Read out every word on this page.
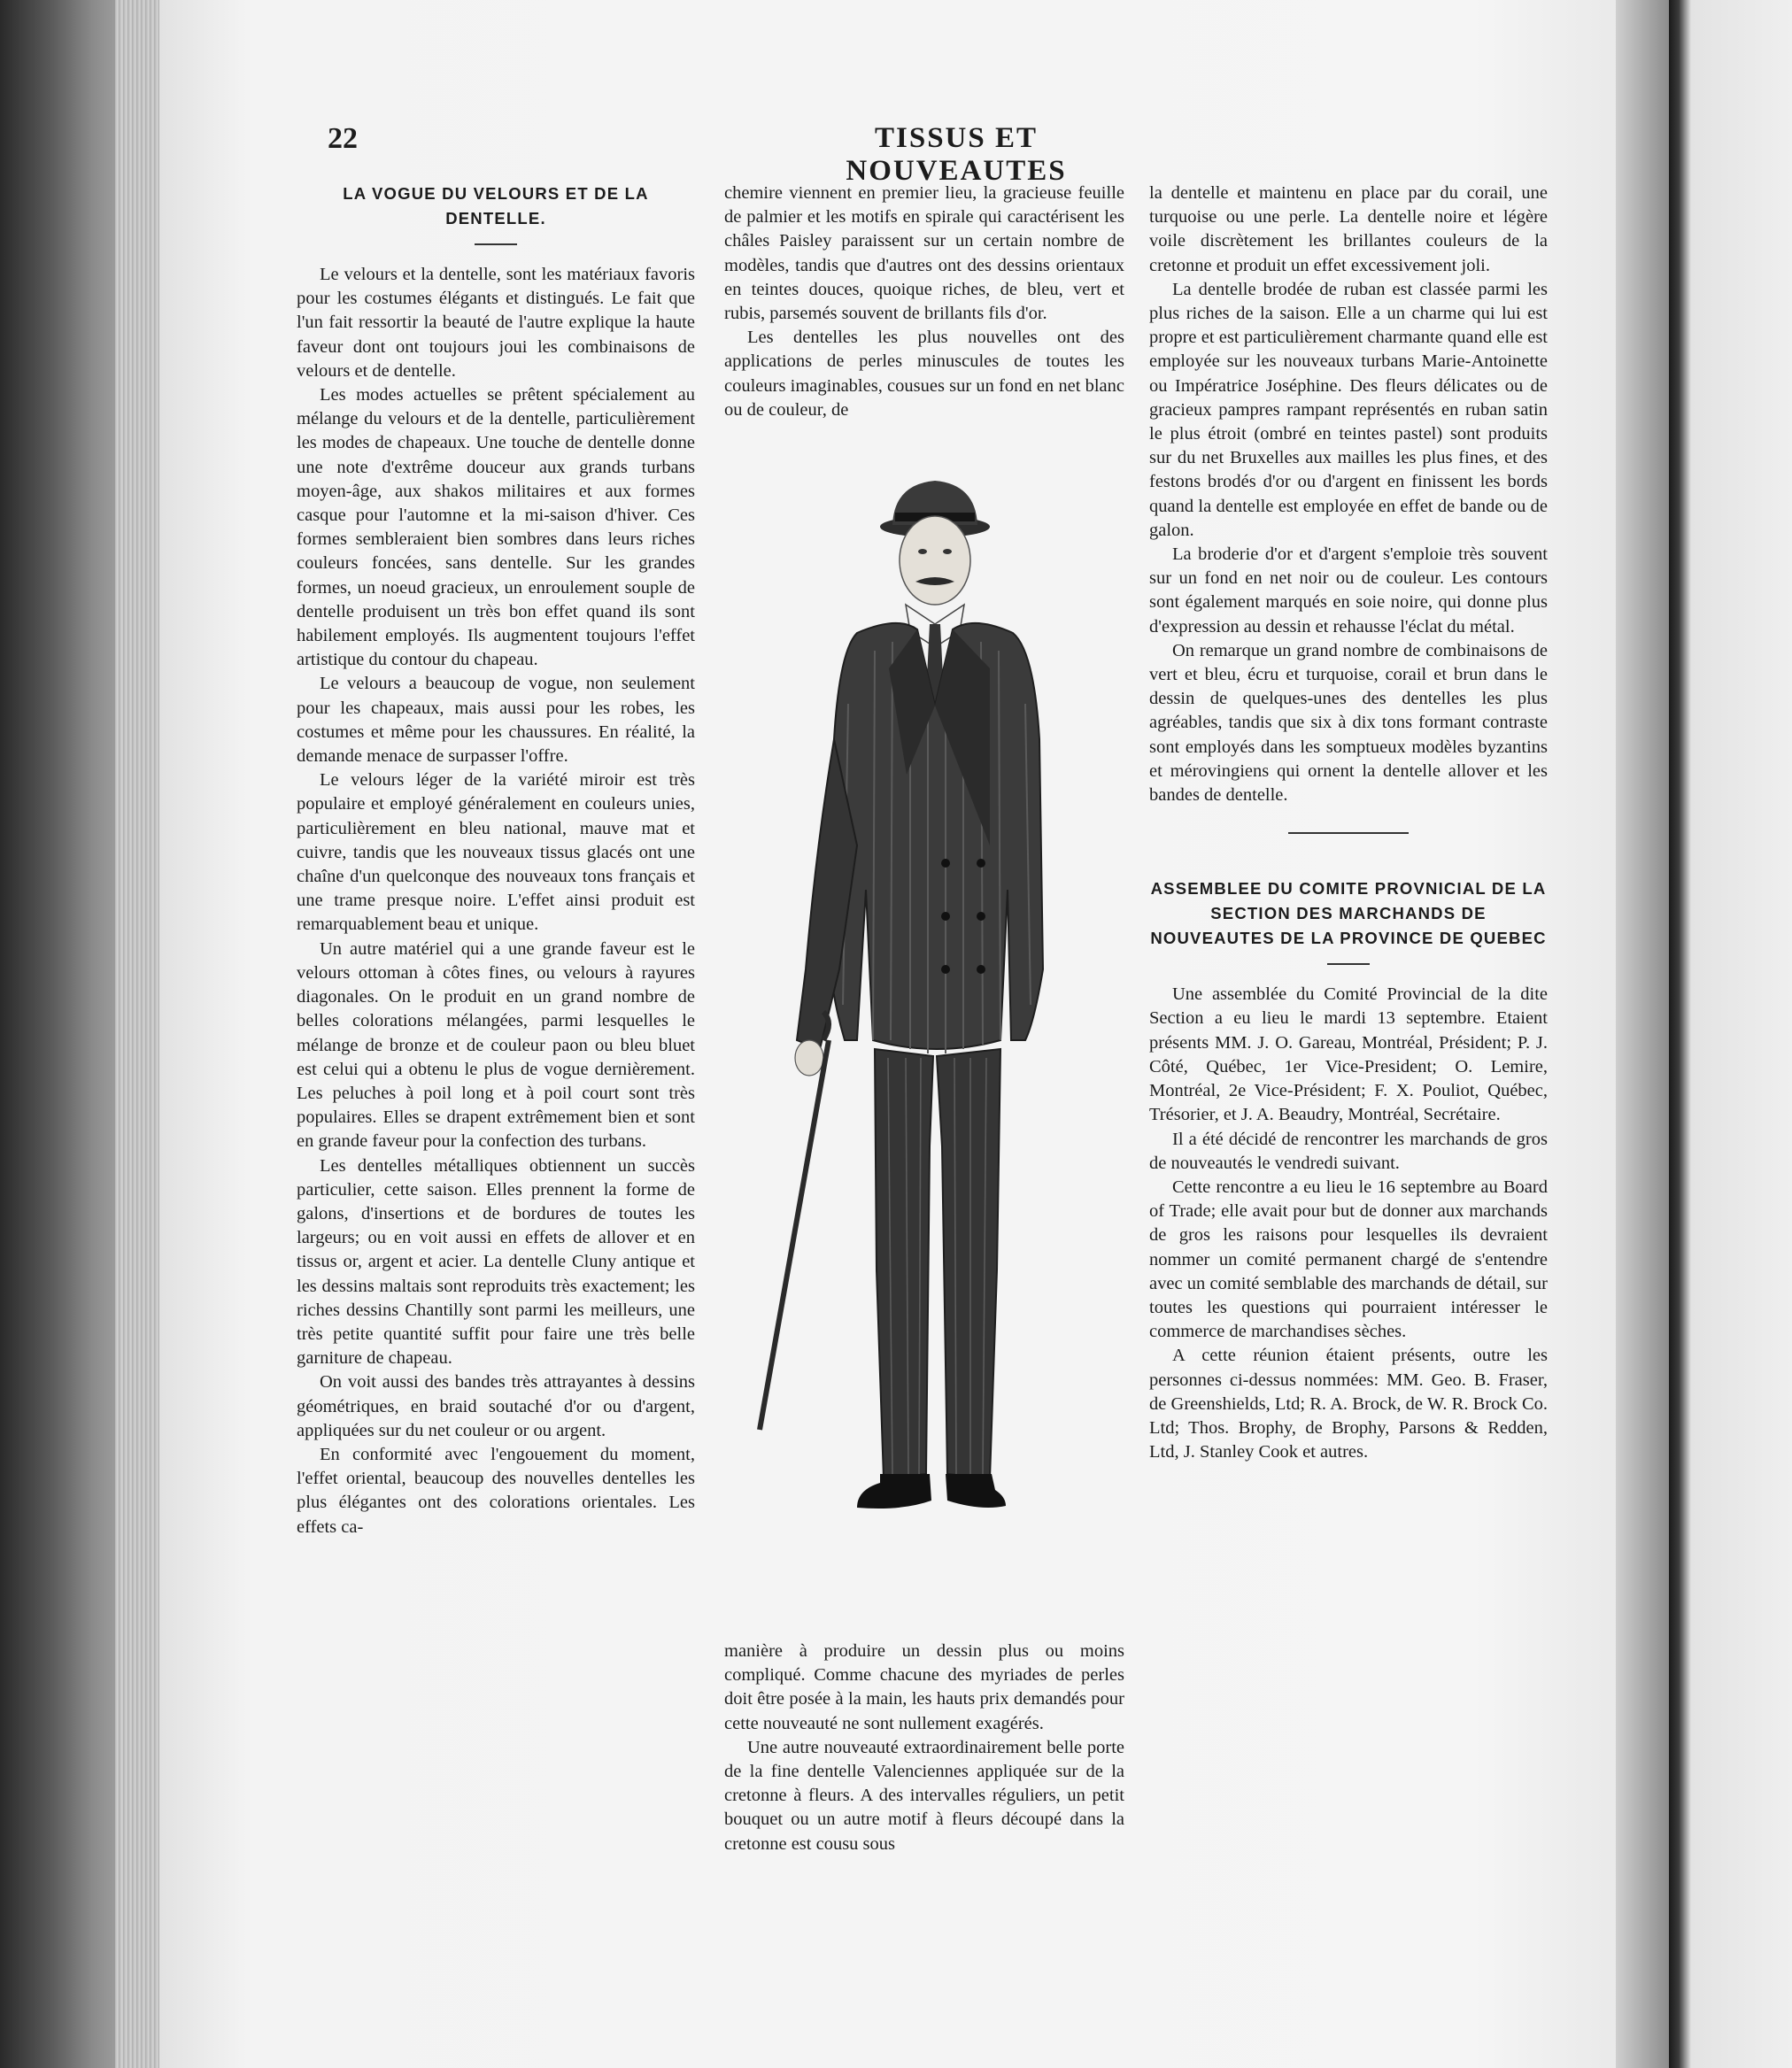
22	TISSUS ET NOUVEAUTES
LA VOGUE DU VELOURS ET DE LA DENTELLE.

Le velours et la dentelle, sont les matériaux favoris pour les costumes élégants et distingués. Le fait que l'un fait ressortir la beauté de l'autre explique la haute faveur dont ont toujours joui les combinaisons de velours et de dentelle.

Les modes actuelles se prêtent spécialement au mélange du velours et de la dentelle, particulièrement les modes de chapeaux. Une touche de dentelle donne une note d'extrême douceur aux grands turbans moyen-âge, aux shakos militaires et aux formes casque pour l'automne et la mi-saison d'hiver. Ces formes sembleraient bien sombres dans leurs riches couleurs foncées, sans dentelle. Sur les grandes formes, un noeud gracieux, un enroulement souple de dentelle produisent un très bon effet quand ils sont habilement employés. Ils augmentent toujours l'effet artistique du contour du chapeau.

Le velours a beaucoup de vogue, non seulement pour les chapeaux, mais aussi pour les robes, les costumes et même pour les chaussures. En réalité, la demande menace de surpasser l'offre.

Le velours léger de la variété miroir est très populaire et employé généralement en couleurs unies, particulièrement en bleu national, mauve mat et cuivre, tandis que les nouveaux tissus glacés ont une chaîne d'un quelconque des nouveaux tons français et une trame presque noire. L'effet ainsi produit est remarquablement beau et unique.

Un autre matériel qui a une grande faveur est le velours ottoman à côtes fines, ou velours à rayures diagonales. On le produit en un grand nombre de belles colorations mélangées, parmi lesquelles le mélange de bronze et de couleur paon ou bleu bluet est celui qui a obtenu le plus de vogue dernièrement. Les peluches à poil long et à poil court sont très populaires. Elles se drapent extrêmement bien et sont en grande faveur pour la confection des turbans.

Les dentelles métalliques obtiennent un succès particulier, cette saison. Elles prennent la forme de galons, d'insertions et de bordures de toutes les largeurs; ou en voit aussi en effets de allover et en tissus or, argent et acier. La dentelle Cluny antique et les dessins maltais sont reproduits très exactement; les riches dessins Chantilly sont parmi les meilleurs, une très petite quantité suffit pour faire une très belle garniture de chapeau.

On voit aussi des bandes très attrayantes à dessins géométriques, en braid soutaché d'or ou d'argent, appliquées sur du net couleur or ou argent.

En conformité avec l'engouement du moment, l'effet oriental, beaucoup des nouvelles dentelles les plus élégantes ont des colorations orientales. Les effets ca-

chemire viennent en premier lieu, la gracieuse feuille de palmier et les motifs en spirale qui caractérisent les châles Paisley paraissent sur un certain nombre de modèles, tandis que d'autres ont des dessins orientaux en teintes douces, quoique riches, de bleu, vert et rubis, parsemés souvent de brillants fils d'or.

Les dentelles les plus nouvelles ont des applications de perles minuscules de toutes les couleurs imaginables, cousues sur un fond en net blanc ou de couleur, de

manière à produire un dessin plus ou moins compliqué. Comme chacune des myriades de perles doit être posée à la main, les hauts prix demandés pour cette nouveauté ne sont nullement exagérés.

Une autre nouveauté extraordinairement belle porte de la fine dentelle Valenciennes appliquée sur de la cretonne à fleurs. A des intervalles réguliers, un petit bouquet ou un autre motif à fleurs découpé dans la cretonne est cousu sous

la dentelle et maintenu en place par du corail, une turquoise ou une perle. La dentelle noire et légère voile discrètement les brillantes couleurs de la cretonne et produit un effet excessivement joli.

La dentelle brodée de ruban est classée parmi les plus riches de la saison. Elle a un charme qui lui est propre et est particulièrement charmante quand elle est employée sur les nouveaux turbans Marie-Antoinette ou Impératrice Joséphine. Des fleurs délicates ou de gracieux pampres rampant représentés en ruban satin le plus étroit (ombré en teintes pastel) sont produits sur du net Bruxelles aux mailles les plus fines, et des festons brodés d'or ou d'argent en finissent les bords quand la dentelle est employée en effet de bande ou de galon.

La broderie d'or et d'argent s'emploie très souvent sur un fond en net noir ou de couleur. Les contours sont également marqués en soie noire, qui donne plus d'expression au dessin et rehausse l'éclat du métal.

On remarque un grand nombre de combinaisons de vert et bleu, écru et turquoise, corail et brun dans le dessin de quelques-unes des dentelles les plus agréables, tandis que six à dix tons formant contraste sont employés dans les somptueux modèles byzantins et mérovingiens qui ornent la dentelle allover et les bandes de dentelle.

ASSEMBLEE DU COMITE PROVNICIAL DE LA SECTION DES MARCHANDS DE NOUVEAUTES DE LA PROVINCE DE QUEBEC

Une assemblée du Comité Provincial de la dite Section a eu lieu le mardi 13 septembre. Etaient présents MM. J. O. Gareau, Montréal, Président; P. J. Côté, Québec, 1er Vice-President; O. Lemire, Montréal, 2e Vice-Président; F. X. Pouliot, Québec, Trésorier, et J. A. Beaudry, Montréal, Secrétaire.

Il a été décidé de rencontrer les marchands de gros de nouveautés le vendredi suivant.

Cette rencontre a eu lieu le 16 septembre au Board of Trade; elle avait pour but de donner aux marchands de gros les raisons pour lesquelles ils devraient nommer un comité permanent chargé de s'entendre avec un comité semblable des marchands de détail, sur toutes les questions qui pourraient intéresser le commerce de marchandises sèches.

A cette réunion étaient présents, outre les personnes ci-dessus nommées: MM. Geo. B. Fraser, de Greenshields, Ltd; R. A. Brock, de W. R. Brock Co. Ltd; Thos. Brophy, de Brophy, Parsons & Redden, Ltd, J. Stanley Cook et autres.
